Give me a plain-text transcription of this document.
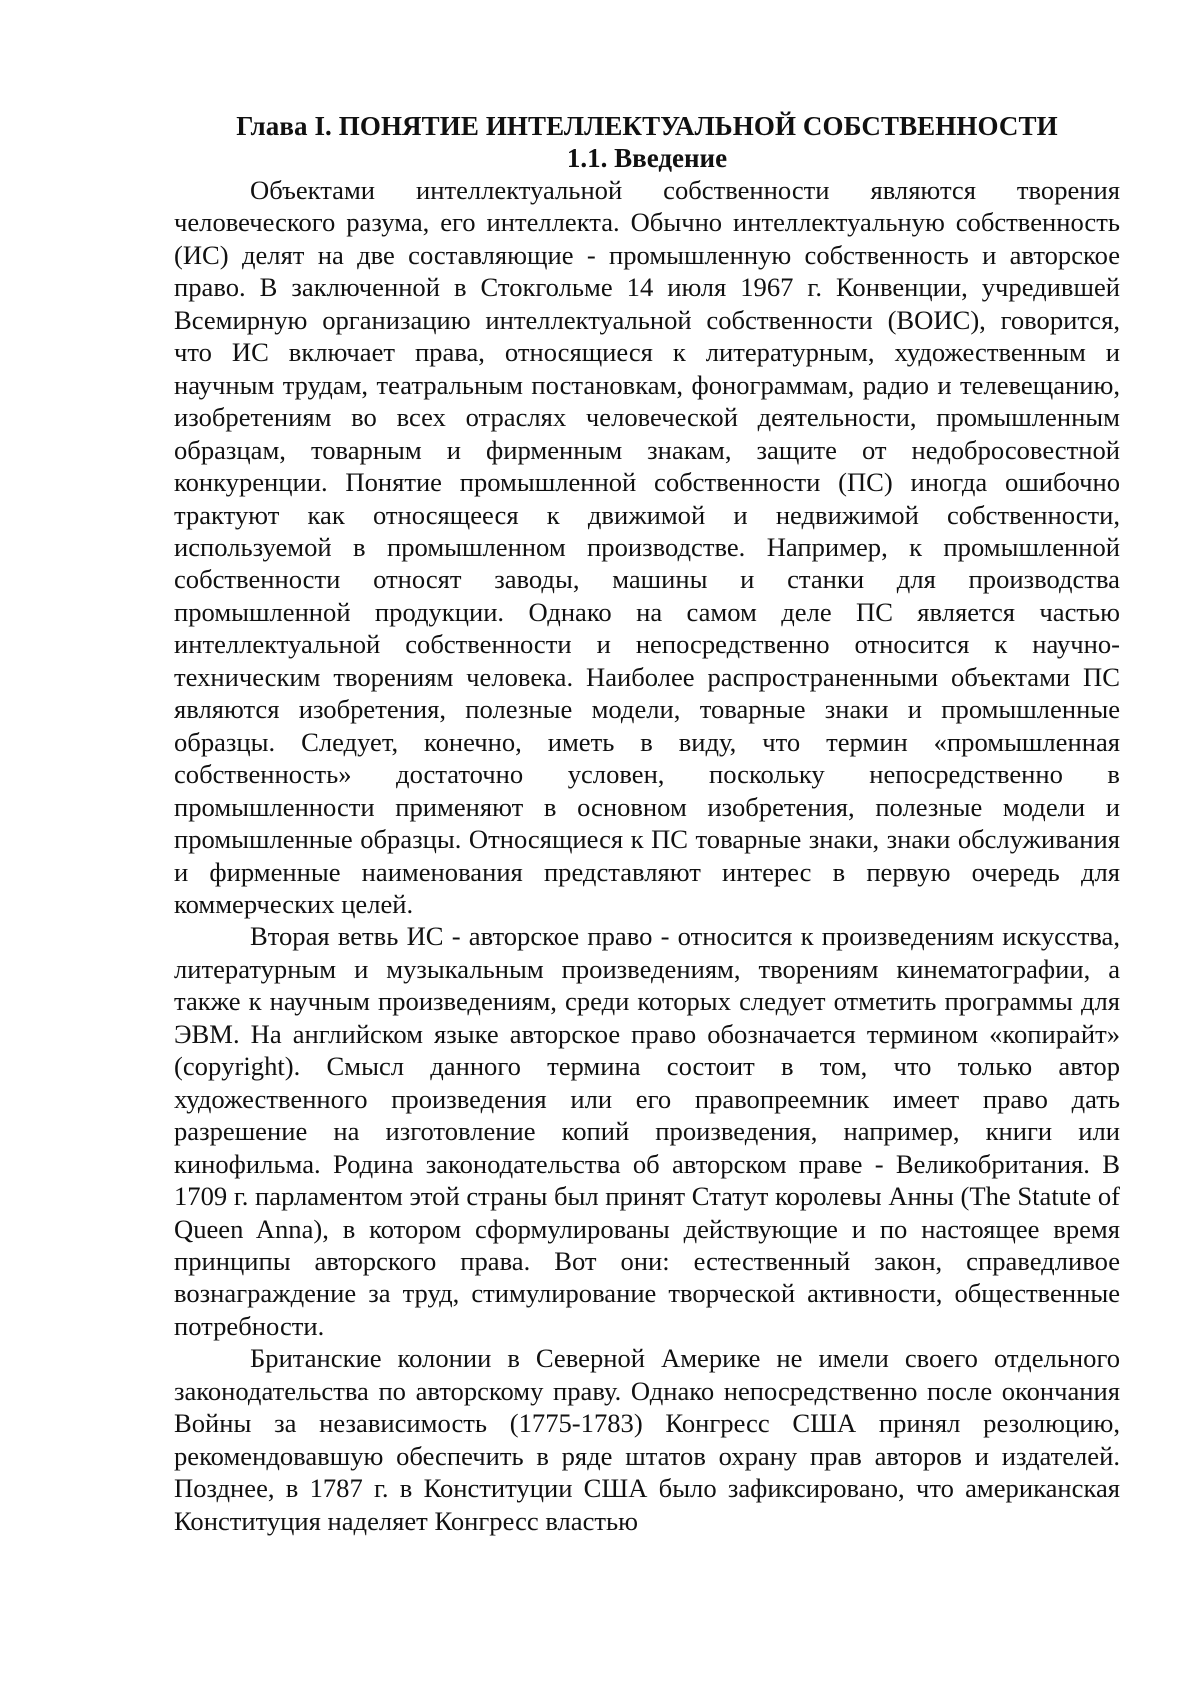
Глава I. ПОНЯТИЕ ИНТЕЛЛЕКТУАЛЬНОЙ СОБСТВЕННОСТИ
1.1. Введение

Объектами интеллектуальной собственности являются творения человеческого разума, его интеллекта. Обычно интеллектуальную собственность (ИС) делят на две составляющие - промышленную собственность и авторское право. В заключенной в Стокгольме 14 июля 1967 г. Конвенции, учредившей Всемирную организацию интеллектуальной собственности (ВОИС), говорится, что ИС включает права, относящиеся к литературным, художественным и научным трудам, театральным постановкам, фонограммам, радио и телевещанию, изобретениям во всех отраслях человеческой деятельности, промышленным образцам, товарным и фирменным знакам, защите от недобросовестной конкуренции. Понятие промышленной собственности (ПС) иногда ошибочно трактуют как относящееся к движимой и недвижимой собственности, используемой в промышленном производстве. Например, к промышленной собственности относят заводы, машины и станки для производства промышленной продукции. Однако на самом деле ПС является частью интеллектуальной собственности и непосредственно относится к научно-техническим творениям человека. Наиболее распространенными объектами ПС являются изобретения, полезные модели, товарные знаки и промышленные образцы. Следует, конечно, иметь в виду, что термин «промышленная собственность» достаточно условен, поскольку непосредственно в промышленности применяют в основном изобретения, полезные модели и промышленные образцы. Относящиеся к ПС товарные знаки, знаки обслуживания и фирменные наименования представляют интерес в первую очередь для коммерческих целей.

Вторая ветвь ИС - авторское право - относится к произведениям искусства, литературным и музыкальным произведениям, творениям кинематографии, а также к научным произведениям, среди которых следует отметить программы для ЭВМ. На английском языке авторское право обозначается термином «копирайт» (copyright). Смысл данного термина состоит в том, что только автор художественного произведения или его правопреемник имеет право дать разрешение на изготовление копий произведения, например, книги или кинофильма. Родина законодательства об авторском праве - Великобритания. В 1709 г. парламентом этой страны был принят Статут королевы Анны (The Statute of Queen Anna), в котором сформулированы действующие и по настоящее время принципы авторского права. Вот они: естественный закон, справедливое вознаграждение за труд, стимулирование творческой активности, общественные потребности.

Британские колонии в Северной Америке не имели своего отдельного законодательства по авторскому праву. Однако непосредственно после окончания Войны за независимость (1775-1783) Конгресс США принял резолюцию, рекомендовавшую обеспечить в ряде штатов охрану прав авторов и издателей. Позднее, в 1787 г. в Конституции США было зафиксировано, что американская Конституция наделяет Конгресс властью
